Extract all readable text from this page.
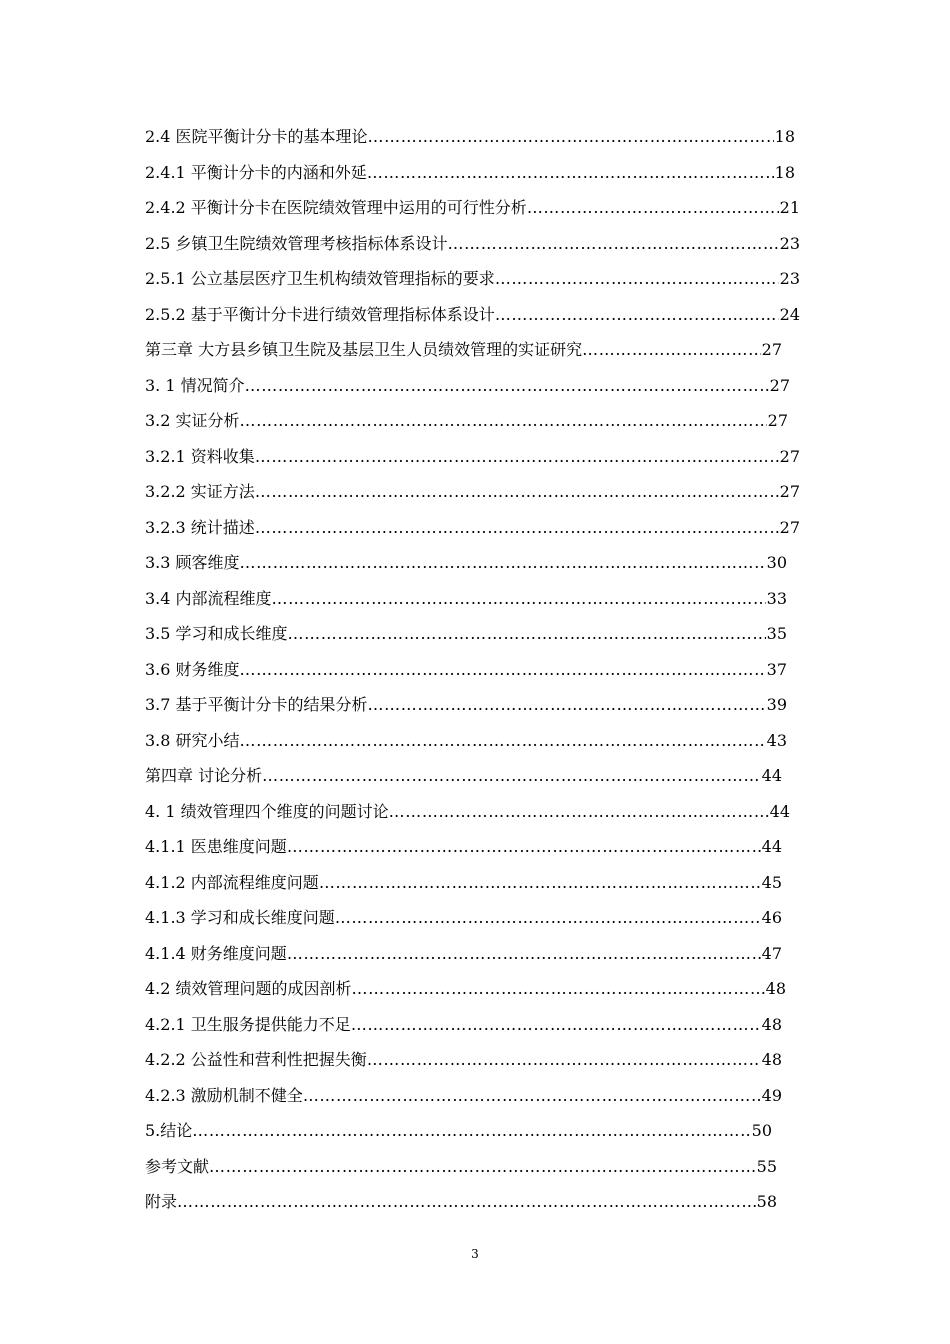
2.4 医院平衡计分卡的基本理论 ……………………………………………………………………………………………………………………………………………………………………	18
2.4.1 平衡计分卡的内涵和外延 ……………………………………………………………………………………………………………………………………………………………………	18
2.4.2 平衡计分卡在医院绩效管理中运用的可行性分析 ……………………………………………………………………………………………………………………………………………………………………	21
2.5 乡镇卫生院绩效管理考核指标体系设计 ……………………………………………………………………………………………………………………………………………………………………	23
2.5.1 公立基层医疗卫生机构绩效管理指标的要求 ……………………………………………………………………………………………………………………………………………………………………	23
2.5.2 基于平衡计分卡进行绩效管理指标体系设计 ……………………………………………………………………………………………………………………………………………………………………	24
第三章 大方县乡镇卫生院及基层卫生人员绩效管理的实证研究 ……………………………………………………………………………………………………………………………………………………………………	27
3. 1 情况简介 ……………………………………………………………………………………………………………………………………………………………………	27
3.2 实证分析 ……………………………………………………………………………………………………………………………………………………………………	27
3.2.1 资料收集 ……………………………………………………………………………………………………………………………………………………………………	27
3.2.2 实证方法 ……………………………………………………………………………………………………………………………………………………………………	27
3.2.3 统计描述 ……………………………………………………………………………………………………………………………………………………………………	27
3.3 顾客维度 ……………………………………………………………………………………………………………………………………………………………………	30
3.4 内部流程维度 ……………………………………………………………………………………………………………………………………………………………………	33
3.5 学习和成长维度 ……………………………………………………………………………………………………………………………………………………………………	35
3.6 财务维度 ……………………………………………………………………………………………………………………………………………………………………	37
3.7 基于平衡计分卡的结果分析 ……………………………………………………………………………………………………………………………………………………………………	39
3.8 研究小结 ……………………………………………………………………………………………………………………………………………………………………	43
第四章 讨论分析 ……………………………………………………………………………………………………………………………………………………………………	44
4. 1 绩效管理四个维度的问题讨论 ……………………………………………………………………………………………………………………………………………………………………	44
4.1.1 医患维度问题 ……………………………………………………………………………………………………………………………………………………………………	44
4.1.2 内部流程维度问题 ……………………………………………………………………………………………………………………………………………………………………	45
4.1.3 学习和成长维度问题 ……………………………………………………………………………………………………………………………………………………………………	46
4.1.4 财务维度问题 ……………………………………………………………………………………………………………………………………………………………………	47
4.2 绩效管理问题的成因剖析 ……………………………………………………………………………………………………………………………………………………………………	48
4.2.1 卫生服务提供能力不足 ……………………………………………………………………………………………………………………………………………………………………	48
4.2.2 公益性和营利性把握失衡 ……………………………………………………………………………………………………………………………………………………………………	48
4.2.3 激励机制不健全 ……………………………………………………………………………………………………………………………………………………………………	49
5.结论 ……………………………………………………………………………………………………………………………………………………………………	50
参考文献 ……………………………………………………………………………………………………………………………………………………………………	55
附录 ……………………………………………………………………………………………………………………………………………………………………	58
3
